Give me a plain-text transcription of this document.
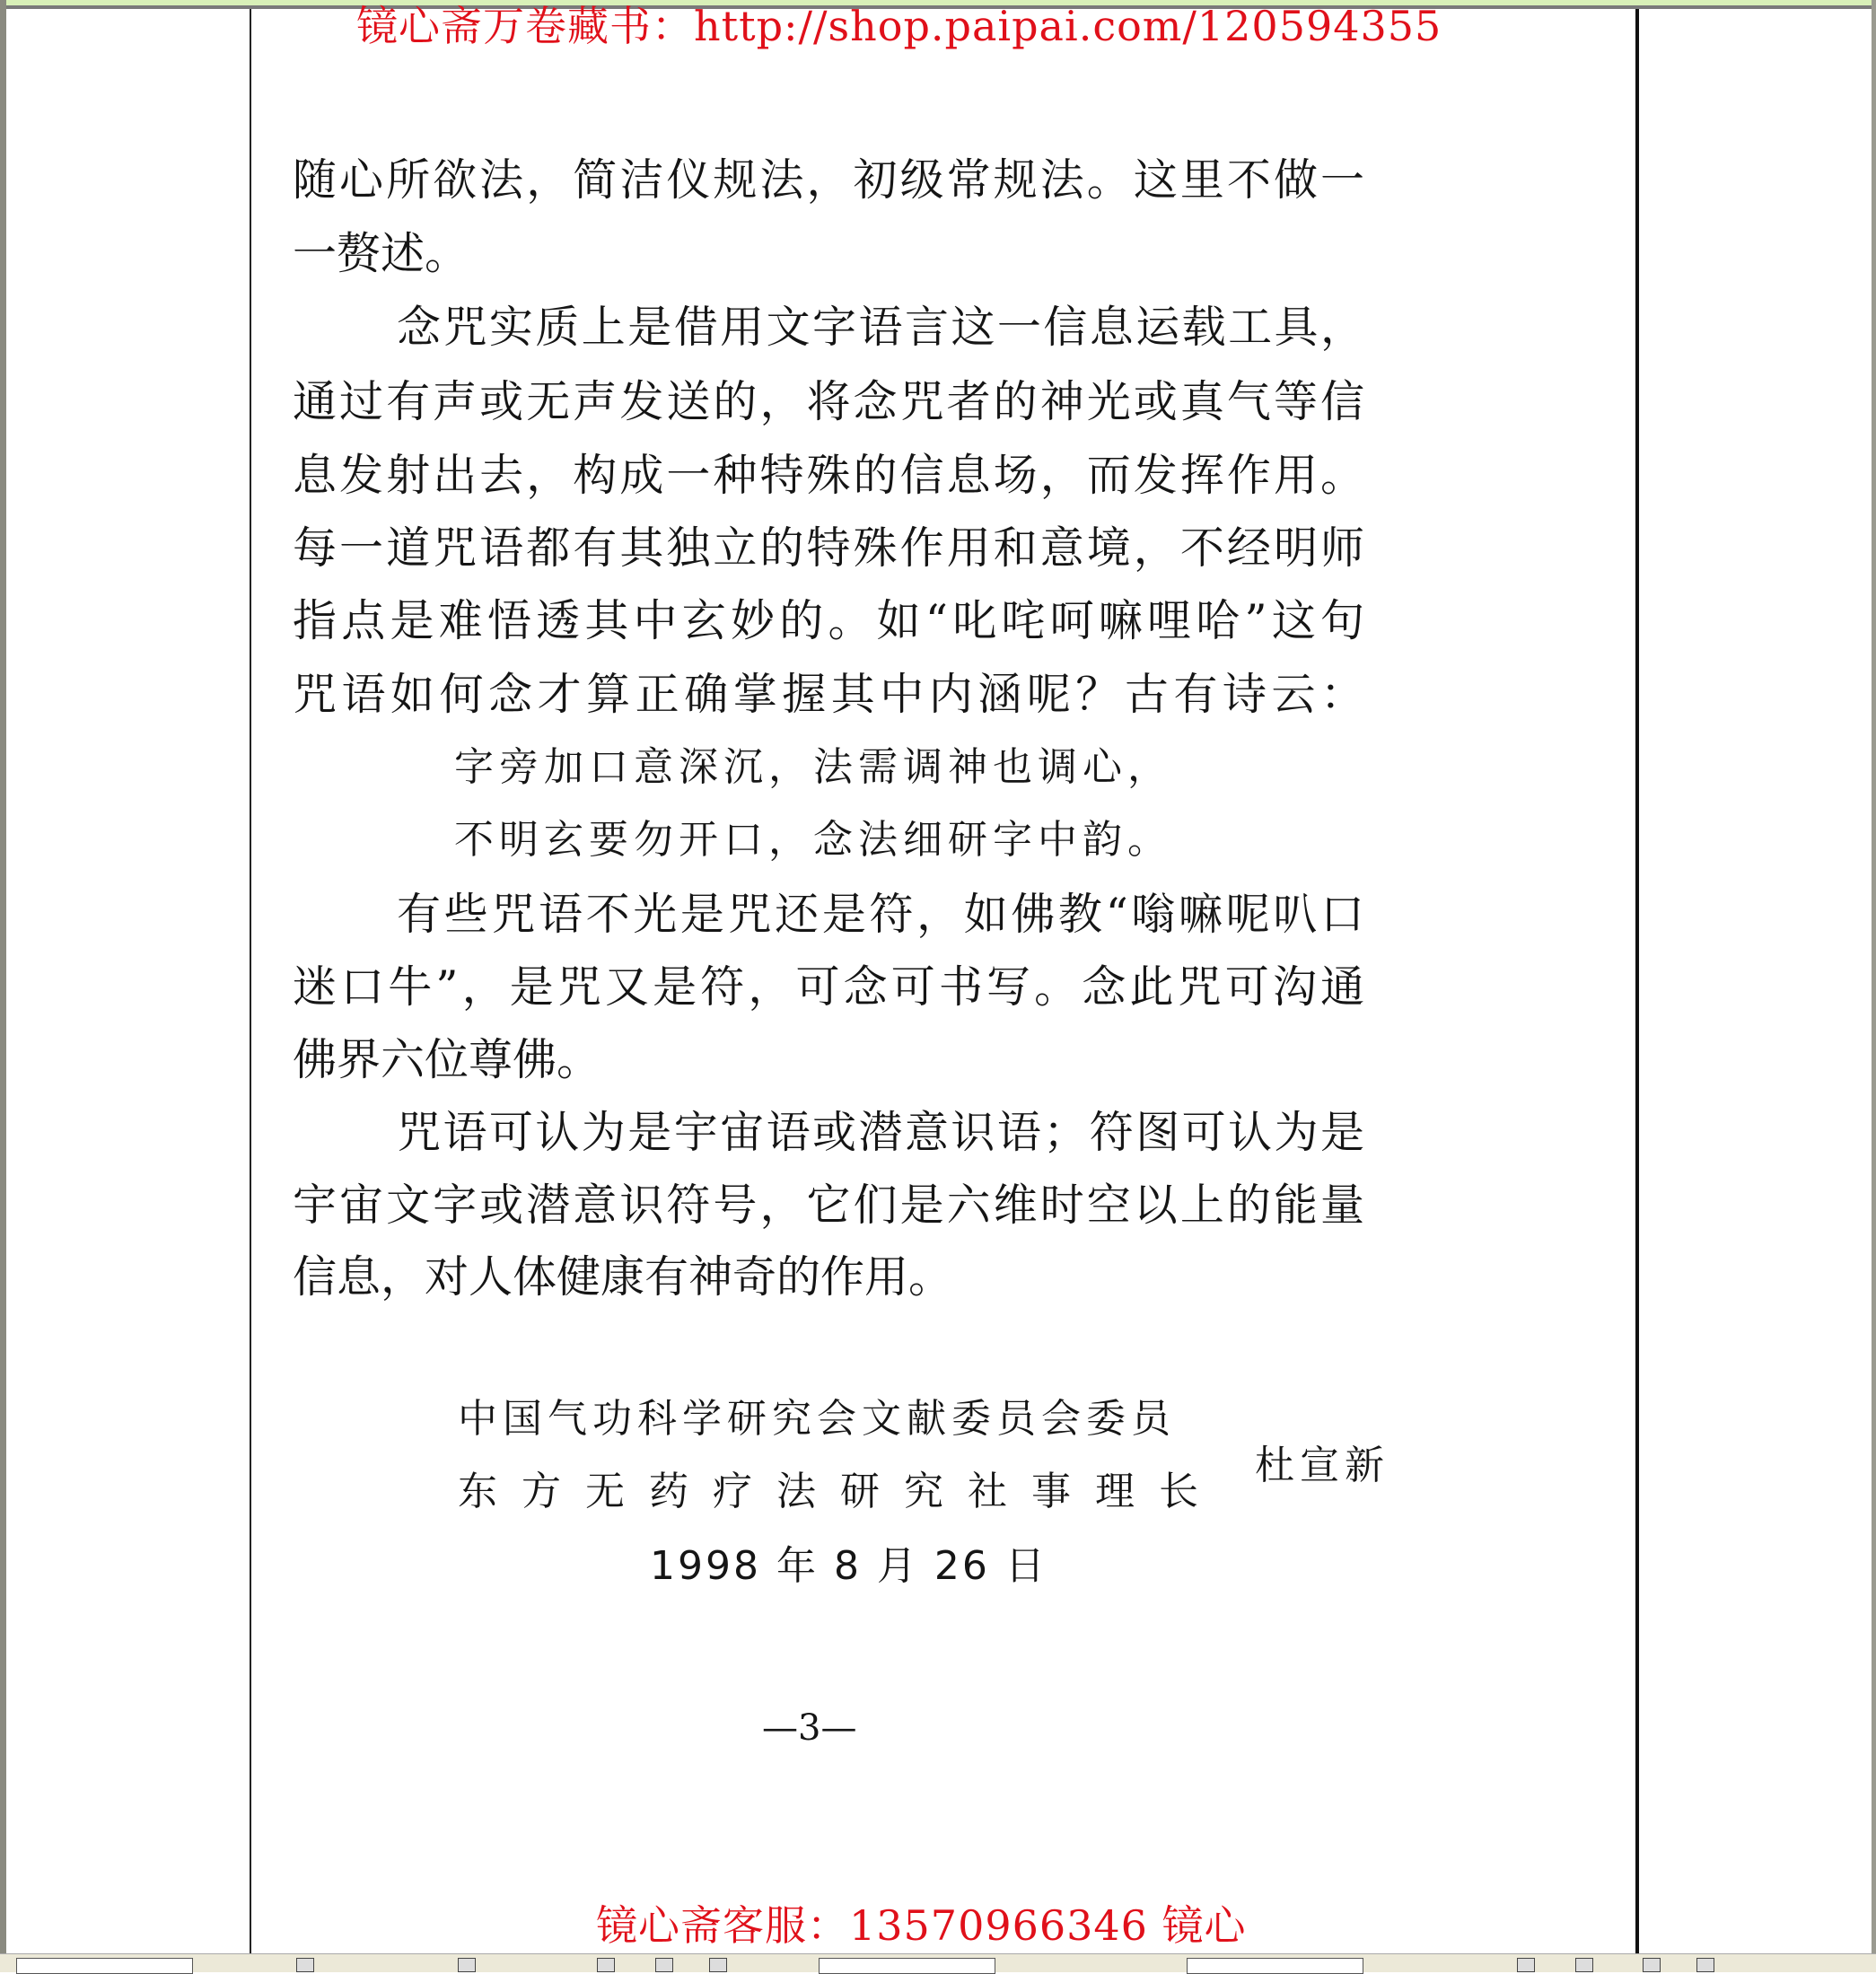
镜心斋万卷藏书：http://shop.paipai.com/120594355
随心所欲法，简洁仪规法，初级常规法。这里不做一
一赘述。
念咒实质上是借用文字语言这一信息运载工具，
通过有声或无声发送的，将念咒者的神光或真气等信
息发射出去，构成一种特殊的信息场，而发挥作用。
每一道咒语都有其独立的特殊作用和意境，不经明师
指点是难悟透其中玄妙的。如“叱咤呵嘛哩哈”这句
咒语如何念才算正确掌握其中内涵呢？古有诗云：
字旁加口意深沉，法需调神也调心，
不明玄要勿开口，念法细研字中韵。
有些咒语不光是咒还是符，如佛教“嗡嘛呢叭口
迷口牛”，是咒又是符，可念可书写。念此咒可沟通
佛界六位尊佛。
咒语可认为是宇宙语或潜意识语；符图可认为是
宇宙文字或潜意识符号，它们是六维时空以上的能量
信息，对人体健康有神奇的作用。
中国气功科学研究会文献委员会委员
东方无药疗法研究社事理长
杜宣新
1998 年 8 月 26 日
—3—
镜心斋客服：13570966346 镜心
